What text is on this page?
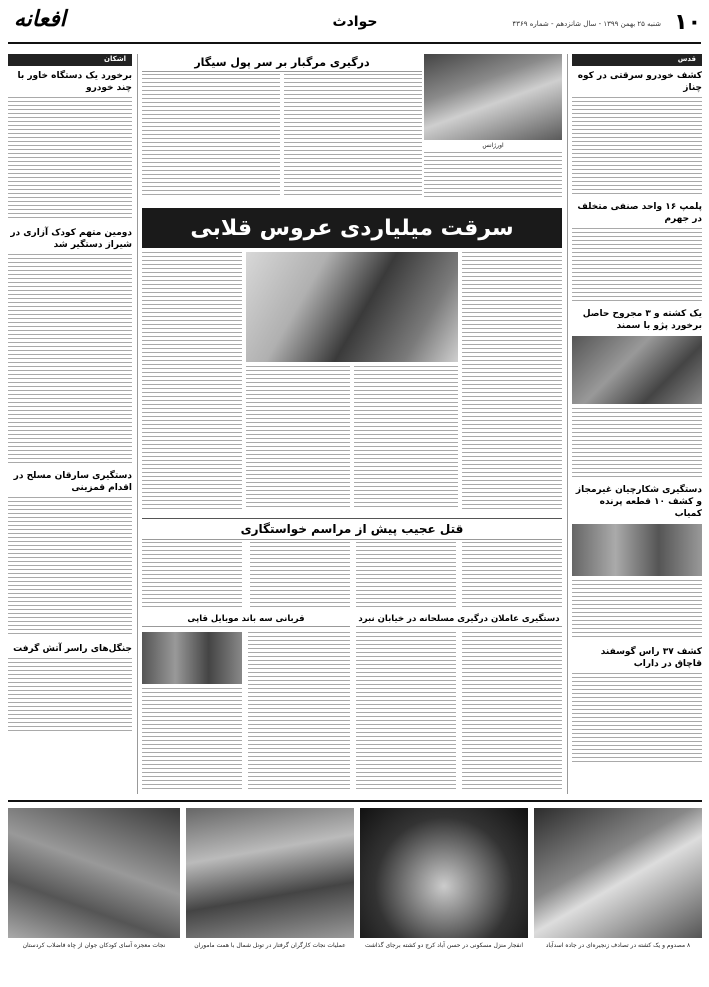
۱۰
شنبه ۲۵ بهمن ۱۳۹۹ - سال شانزدهم - شماره ۴۳۶۹
حوادث
افعانه
قدس
کشف خودرو سرقتی در کوه چناز
پلمپ ۱۶ واحد صنفی متخلف در جهرم
یک کشته و ۳ مجروح حاصل برخورد پژو با سمند
دستگیری شکارچیان غیرمجاز و کشف ۱۰ قطعه پرنده کمیاب
کشف ۳۷ راس گوسفند قاچاق در داراب
اشکان
برخورد یک دستگاه خاور با چند خودرو
دومین متهم کودک آزاری در شیراز دستگیر شد
دستگیری سارقان مسلح در اقدام قمزینی
جنگل‌های راسر آتش گرفت
درگیری مرگبار بر سر پول سیگار
اورژانس
سرقت میلیاردی عروس قلابی
قتل عجیب پیش از مراسم خواستگاری
دستگیری عاملان درگیری مسلحانه در خیابان نبرد
قربانی سه باند موبایل قاپی
۸ مصدوم و یک کشته در تصادف زنجیره‌ای در جاده اسدآباد
انفجار منزل مسکونی در حسن آباد کرج دو کشته برجای گذاشت
عملیات نجات کارگران گرفتار در تونل شمال با همت ماموران
نجات معجزه آسای کودکان جوان از چاه فاضلاب کردستان
